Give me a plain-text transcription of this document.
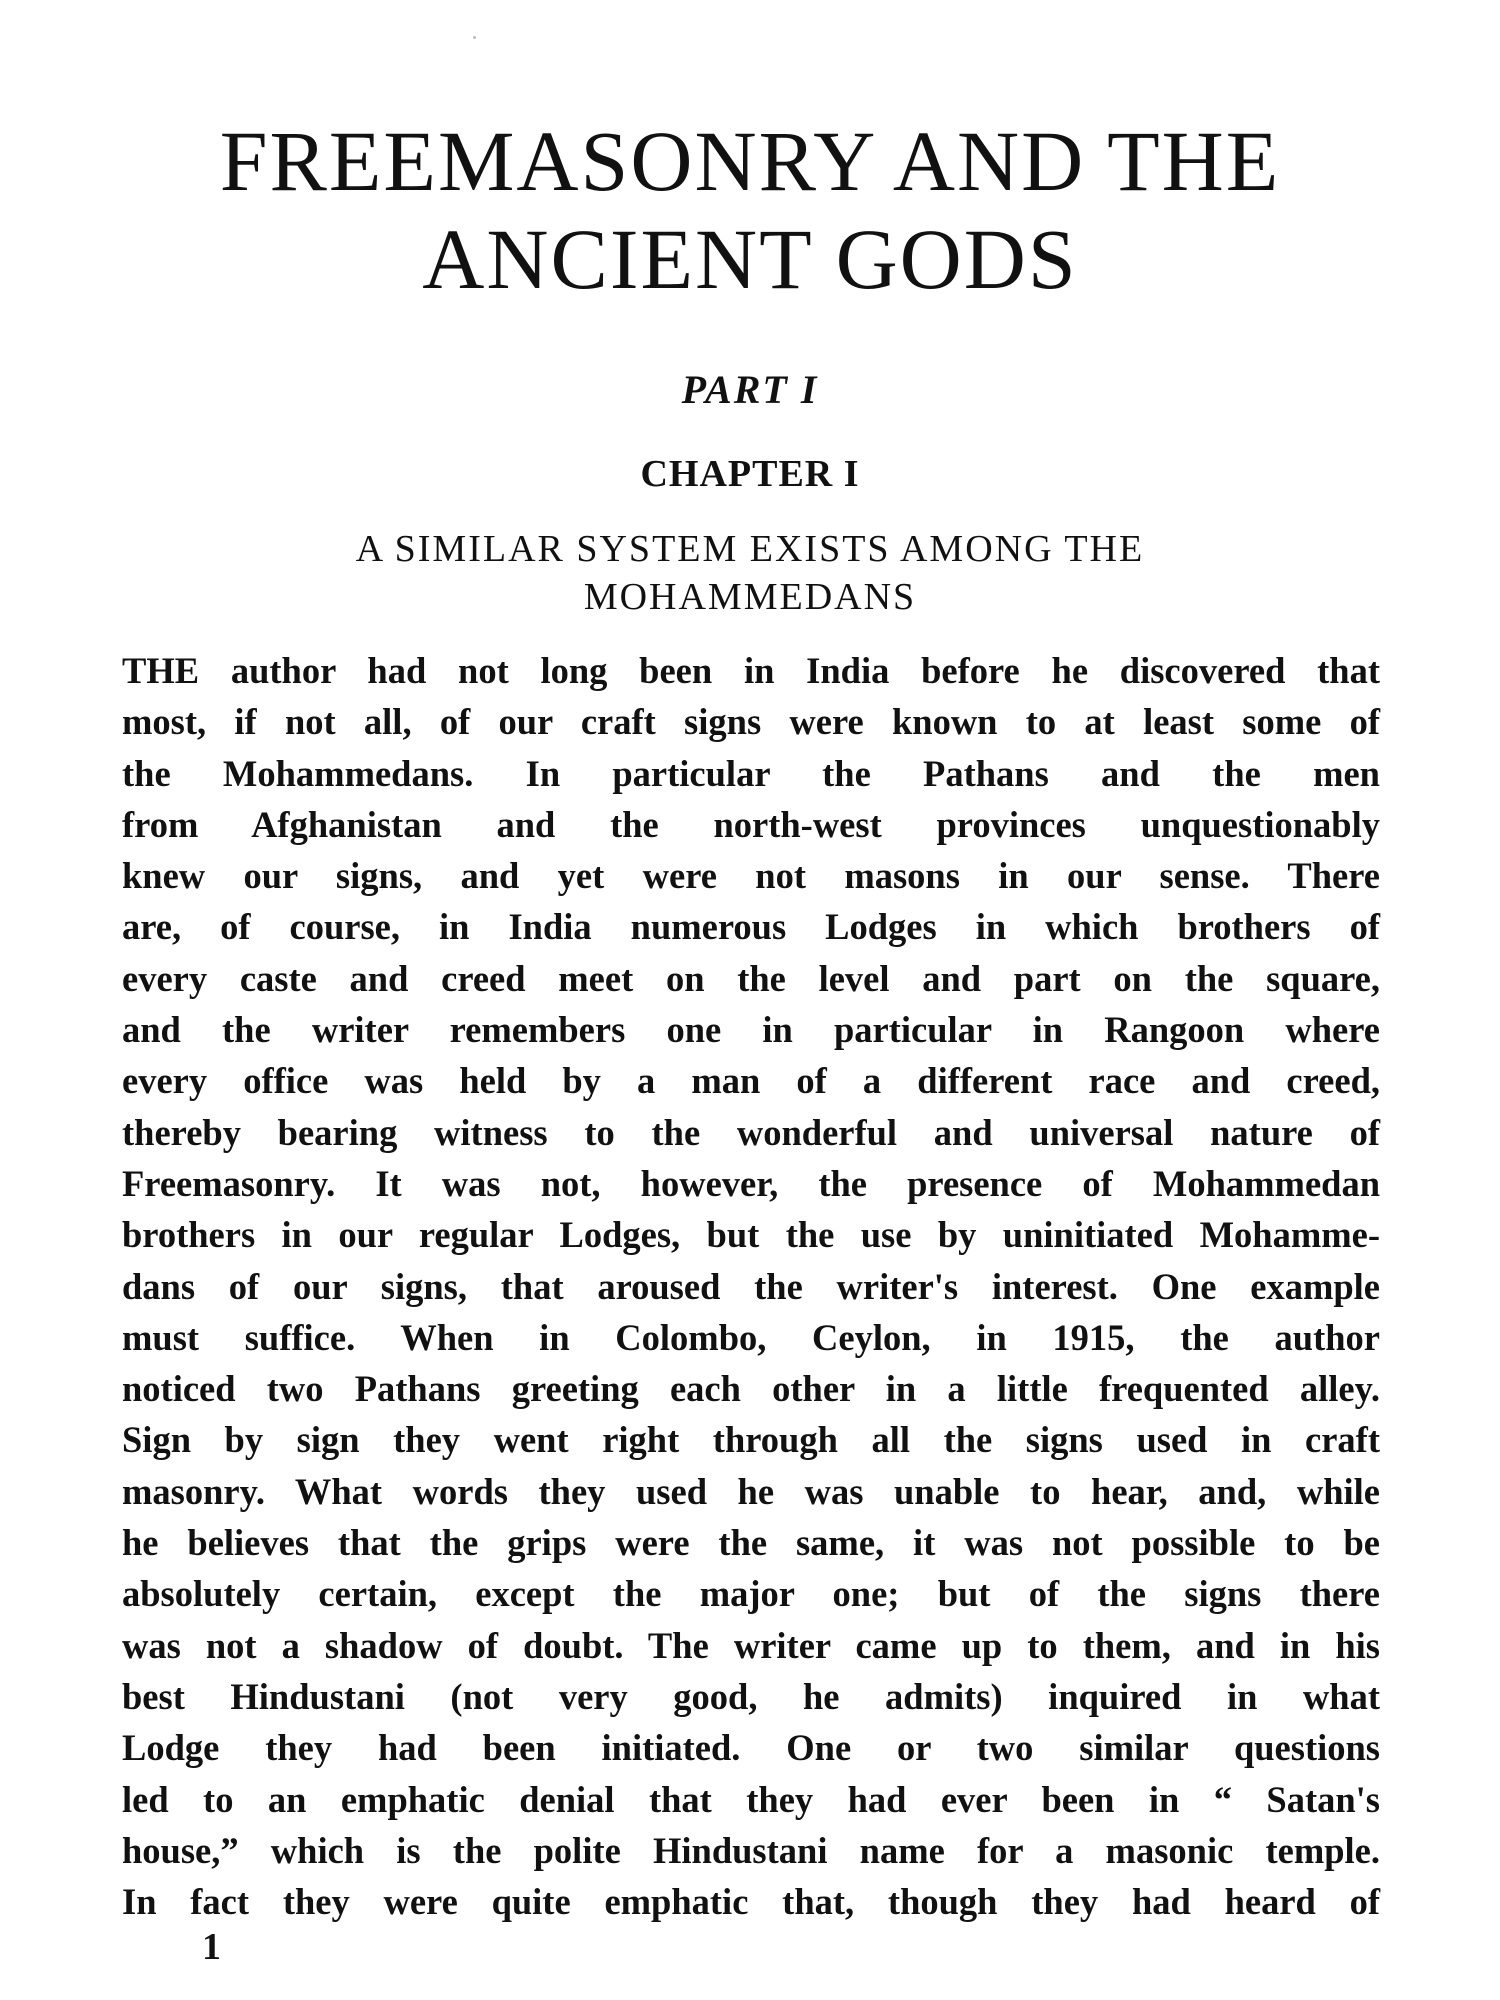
FREEMASONRY AND THE
ANCIENT GODS
PART I
CHAPTER I
A SIMILAR SYSTEM EXISTS AMONG THE
MOHAMMEDANS
THE author had not long been in India before he discovered that
most, if not all, of our craft signs were known to at least some of
the Mohammedans. In particular the Pathans and the men
from Afghanistan and the north-west provinces unquestionably
knew our signs, and yet were not masons in our sense. There
are, of course, in India numerous Lodges in which brothers of
every caste and creed meet on the level and part on the square,
and the writer remembers one in particular in Rangoon where
every office was held by a man of a different race and creed,
thereby bearing witness to the wonderful and universal nature of
Freemasonry. It was not, however, the presence of Mohammedan
brothers in our regular Lodges, but the use by uninitiated Mohamme-
dans of our signs, that aroused the writer's interest. One example
must suffice. When in Colombo, Ceylon, in 1915, the author
noticed two Pathans greeting each other in a little frequented alley.
Sign by sign they went right through all the signs used in craft
masonry. What words they used he was unable to hear, and, while
he believes that the grips were the same, it was not possible to be
absolutely certain, except the major one; but of the signs there
was not a shadow of doubt. The writer came up to them, and in his
best Hindustani (not very good, he admits) inquired in what
Lodge they had been initiated. One or two similar questions
led to an emphatic denial that they had ever been in “ Satan's
house,” which is the polite Hindustani name for a masonic temple.
In fact they were quite emphatic that, though they had heard of
1
